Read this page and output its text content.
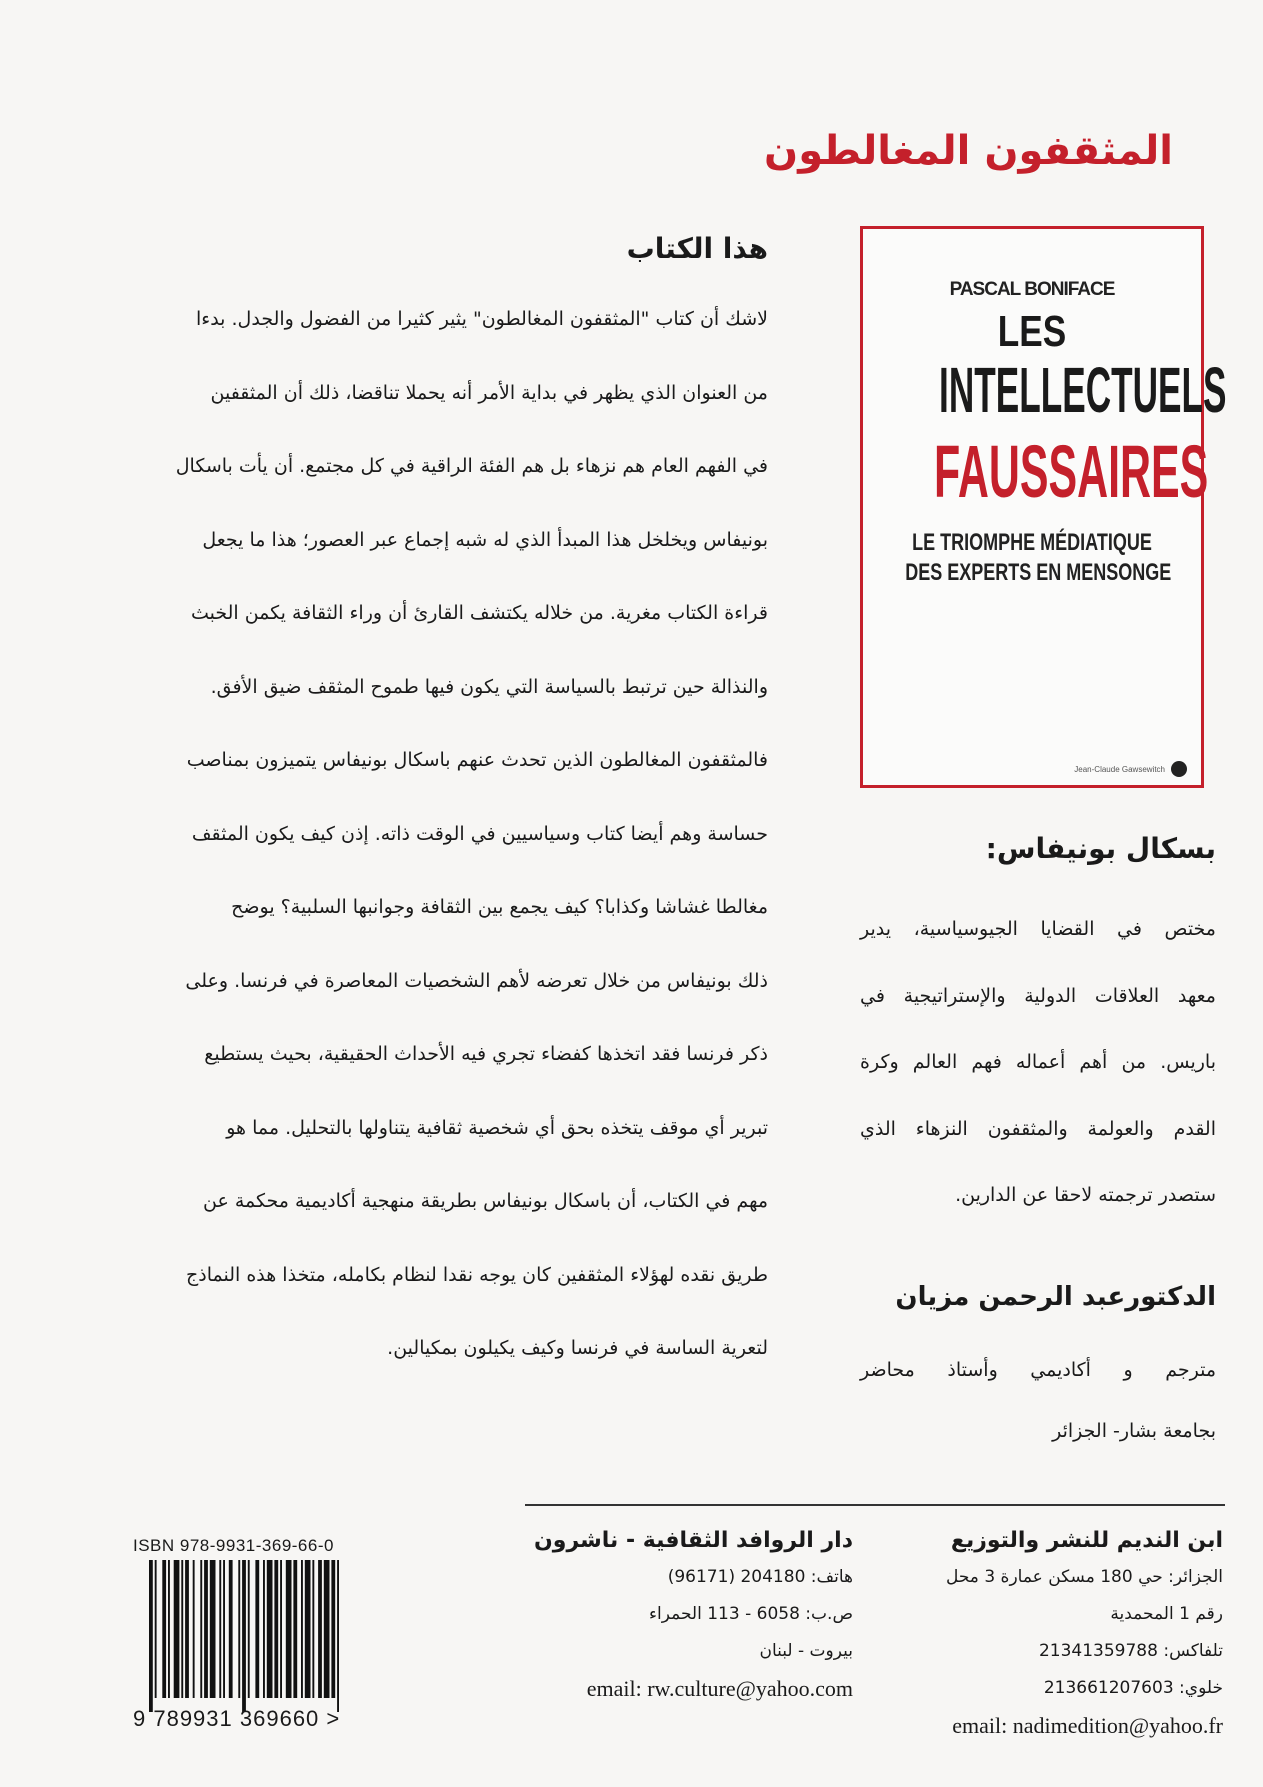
المثقفون المغالطون
PASCAL BONIFACE
LES
INTELLECTUELS
FAUSSAIRES
LE TRIOMPHE MÉDIATIQUE
DES EXPERTS EN MENSONGE
Jean-Claude Gawsewitch
هذا الكتاب

لاشك أن كتاب "المثقفون المغالطون" يثير كثيرا من الفضول والجدل. بدءا

من العنوان الذي يظهر في بداية الأمر أنه يحملا تناقضا، ذلك أن المثقفين

في الفهم العام هم نزهاء بل هم الفئة الراقية في كل مجتمع. أن يأت باسكال

بونيفاس ويخلخل هذا المبدأ الذي له شبه إجماع عبر العصور؛ هذا ما يجعل

قراءة الكتاب مغرية. من خلاله يكتشف القارئ أن وراء الثقافة يكمن الخبث

والنذالة حين ترتبط بالسياسة التي يكون فيها طموح المثقف ضيق الأفق.

فالمثقفون المغالطون الذين تحدث عنهم باسكال بونيفاس يتميزون بمناصب

حساسة وهم أيضا كتاب وسياسيين في الوقت ذاته. إذن كيف يكون المثقف

مغالطا غشاشا وكذابا؟ كيف يجمع بين الثقافة وجوانبها السلبية؟ يوضح

ذلك بونيفاس من خلال تعرضه لأهم الشخصيات المعاصرة في فرنسا. وعلى

ذكر فرنسا فقد اتخذها كفضاء تجري فيه الأحداث الحقيقية، بحيث يستطيع

تبرير أي موقف يتخذه بحق أي شخصية ثقافية يتناولها بالتحليل. مما هو

مهم في الكتاب، أن باسكال بونيفاس بطريقة منهجية أكاديمية محكمة عن

طريق نقده لهؤلاء المثقفين كان يوجه نقدا لنظام بكامله، متخذا هذه النماذج

لتعرية الساسة في فرنسا وكيف يكيلون بمكيالين.

بسكال بونيفاس:

مختص في القضايا الجيوسياسية، يدير

معهد العلاقات الدولية والإستراتيجية في

باريس. من أهم أعماله فهم العالم وكرة

القدم والعولمة والمثقفون النزهاء الذي

ستصدر ترجمته لاحقا عن الدارين.

الدكتورعبد الرحمن مزيان

مترجم و أكاديمي وأستاذ محاضر

بجامعة بشار- الجزائر

ابن النديم للنشر والتوزيع
الجزائر: حي 180 مسكن عمارة 3 محل
رقم 1 المحمدية
تلفاكس: 21341359788
خلوي: 213661207603
email: nadimedition@yahoo.fr
دار الروافد الثقافية - ناشرون
هاتف: 204180 (96171)
ص.ب: 6058 - 113 الحمراء
بيروت - لبنان
email: rw.culture@yahoo.com
ISBN 978-9931-369-66-0
9 789931 369660 >
